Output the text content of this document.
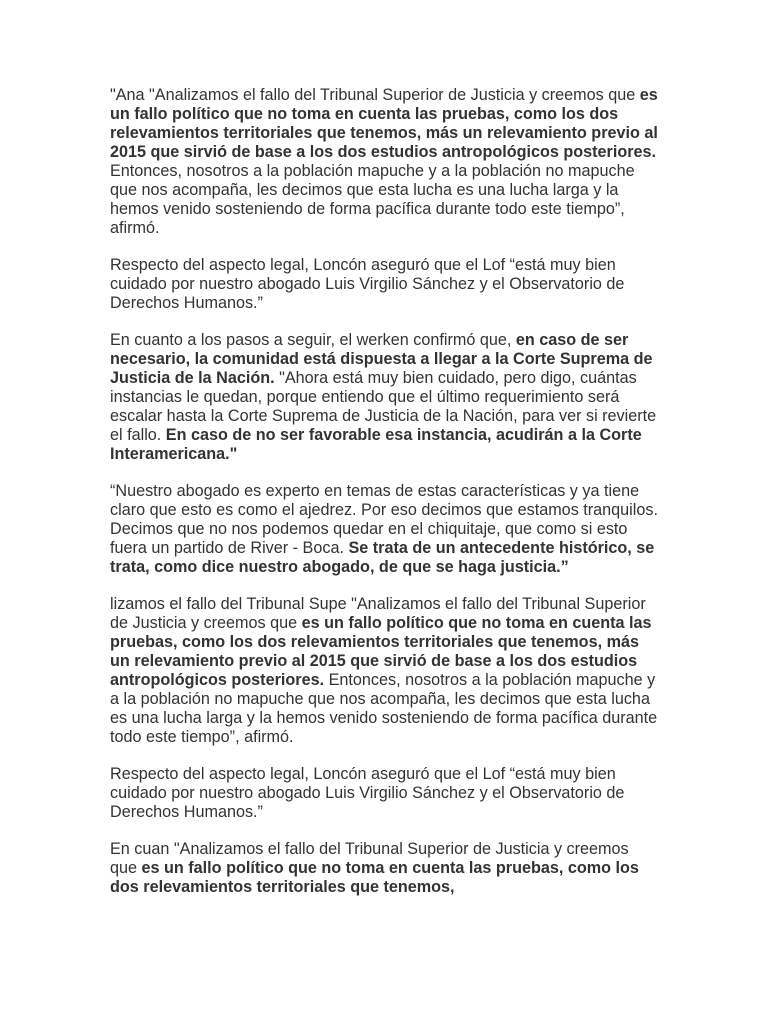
"Ana "Analizamos el fallo del Tribunal Superior de Justicia y creemos que es un fallo político que no toma en cuenta las pruebas, como los dos relevamientos territoriales que tenemos, más un relevamiento previo al 2015 que sirvió de base a los dos estudios antropológicos posteriores. Entonces, nosotros a la población mapuche y a la población no mapuche que nos acompaña, les decimos que esta lucha es una lucha larga y la hemos venido sosteniendo de forma pacífica durante todo este tiempo”, afirmó.

Respecto del aspecto legal, Loncón aseguró que el Lof “está muy bien cuidado por nuestro abogado Luis Virgilio Sánchez y el Observatorio de Derechos Humanos.”

En cuanto a los pasos a seguir, el werken confirmó que, en caso de ser necesario, la comunidad está dispuesta a llegar a la Corte Suprema de Justicia de la Nación. "Ahora está muy bien cuidado, pero digo, cuántas instancias le quedan, porque entiendo que el último requerimiento será escalar hasta la Corte Suprema de Justicia de la Nación, para ver si revierte el fallo. En caso de no ser favorable esa instancia, acudirán a la Corte Interamericana."

“Nuestro abogado es experto en temas de estas características y ya tiene claro que esto es como el ajedrez. Por eso decimos que estamos tranquilos. Decimos que no nos podemos quedar en el chiquitaje, que como si esto fuera un partido de River - Boca. Se trata de un antecedente histórico, se trata, como dice nuestro abogado, de que se haga justicia.”

lizamos el fallo del Tribunal Supe "Analizamos el fallo del Tribunal Superior de Justicia y creemos que es un fallo político que no toma en cuenta las pruebas, como los dos relevamientos territoriales que tenemos, más un relevamiento previo al 2015 que sirvió de base a los dos estudios antropológicos posteriores. Entonces, nosotros a la población mapuche y a la población no mapuche que nos acompaña, les decimos que esta lucha es una lucha larga y la hemos venido sosteniendo de forma pacífica durante todo este tiempo”, afirmó.

Respecto del aspecto legal, Loncón aseguró que el Lof “está muy bien cuidado por nuestro abogado Luis Virgilio Sánchez y el Observatorio de Derechos Humanos.”

En cuan "Analizamos el fallo del Tribunal Superior de Justicia y creemos que es un fallo político que no toma en cuenta las pruebas, como los dos relevamientos territoriales que tenemos,
